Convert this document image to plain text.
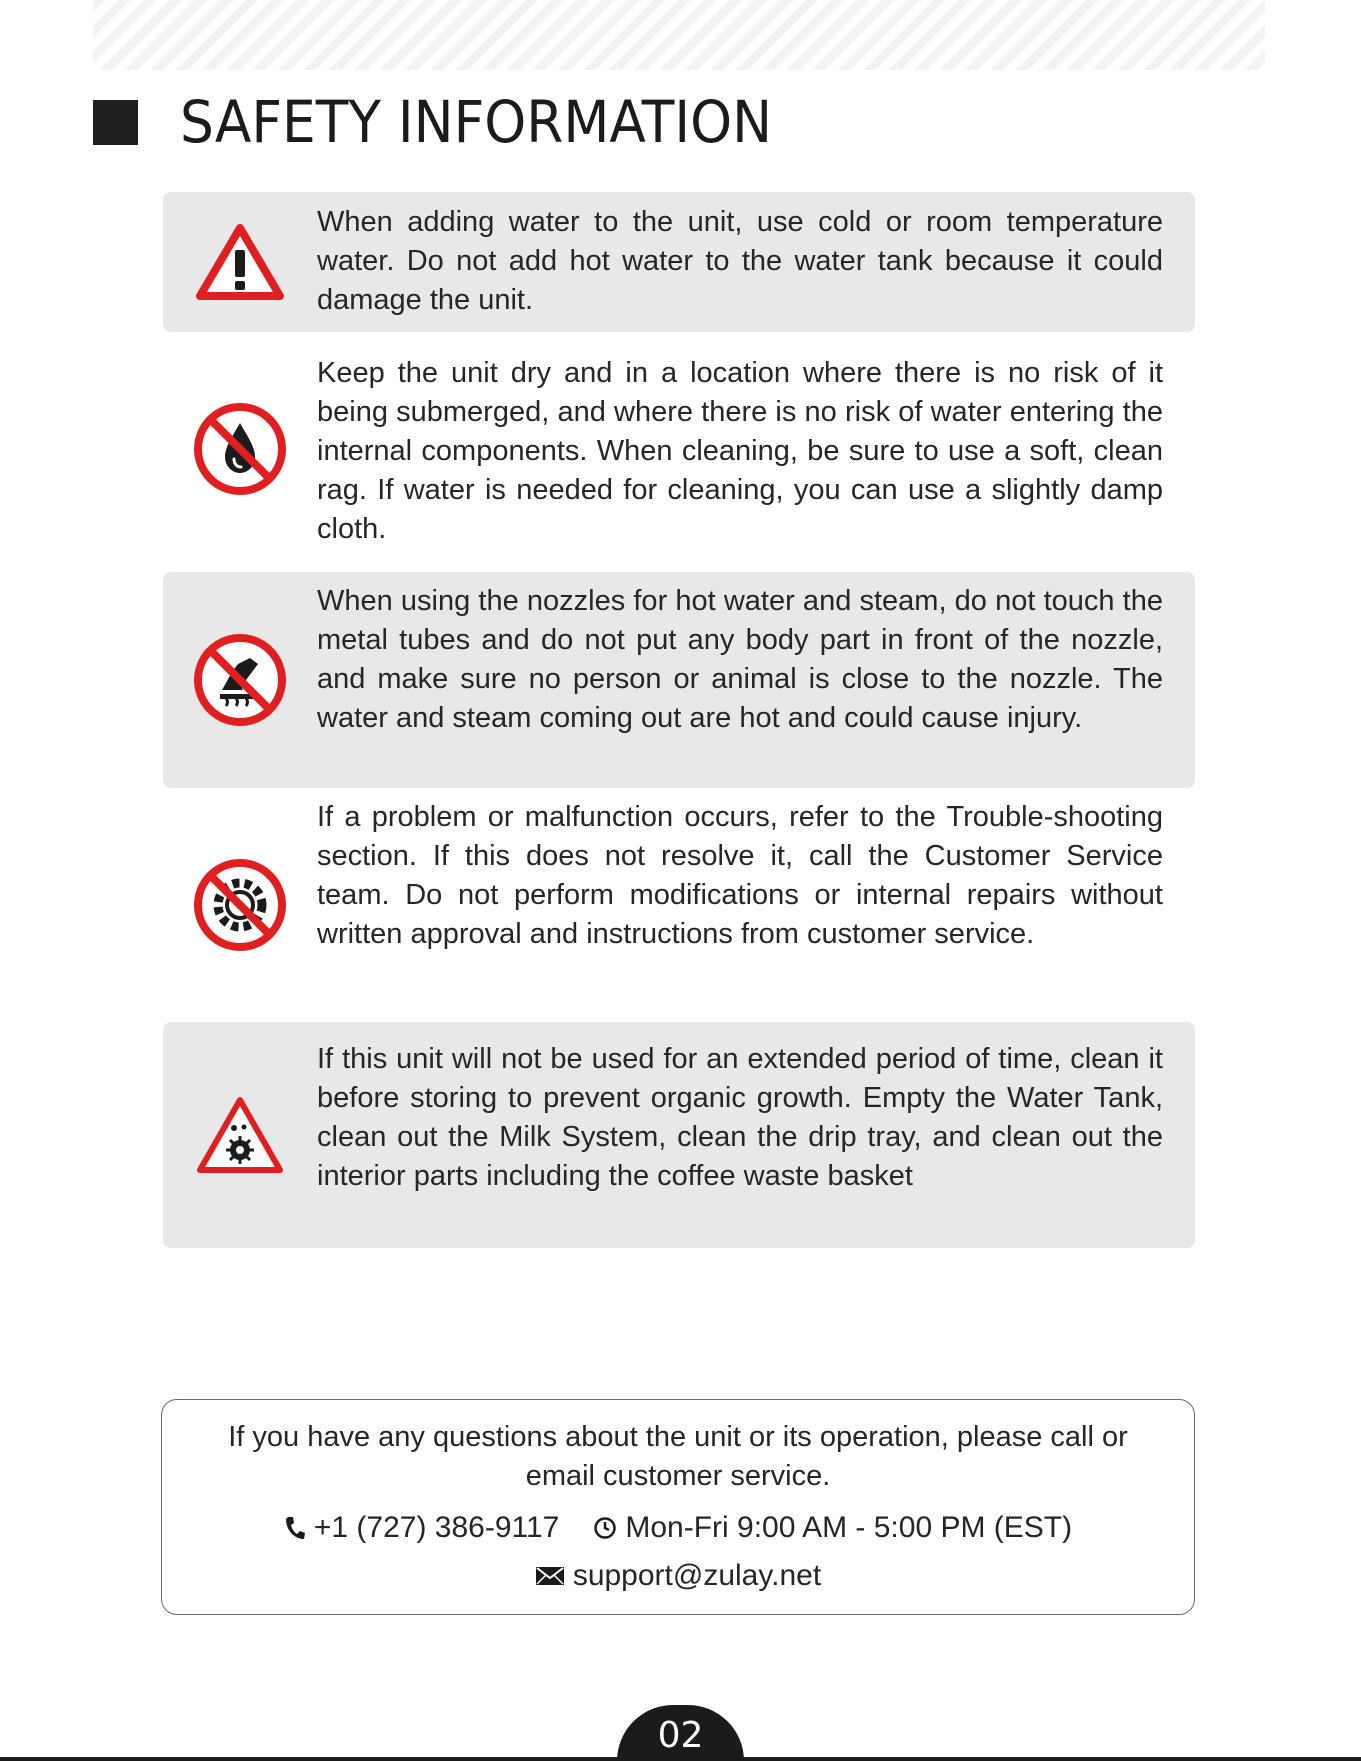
SAFETY INFORMATION
When adding water to the unit, use cold or room temperature water. Do not add hot water to the water tank because it could damage the unit.
Keep the unit dry and in a location where there is no risk of it being submerged, and where there is no risk of water entering the internal components. When cleaning, be sure to use a soft, clean rag. If water is needed for cleaning, you can use a slightly damp cloth.
When using the nozzles for hot water and steam, do not touch the metal tubes and do not put any body part in front of the nozzle, and make sure no person or animal is close to the nozzle. The water and steam coming out are hot and could cause injury.
If a problem or malfunction occurs, refer to the Trouble-shooting section. If this does not resolve it, call the Customer Service team. Do not perform modifications or internal repairs without written approval and instructions from customer service.
If this unit will not be used for an extended period of time, clean it before storing to prevent organic growth. Empty the Water Tank, clean out the Milk System, clean the drip tray, and clean out the interior parts including the coffee waste basket
If you have any questions about the unit or its operation, please call or email customer service.
+1 (727) 386-9117 Mon-Fri 9:00 AM - 5:00 PM (EST)
support@zulay.net
02
